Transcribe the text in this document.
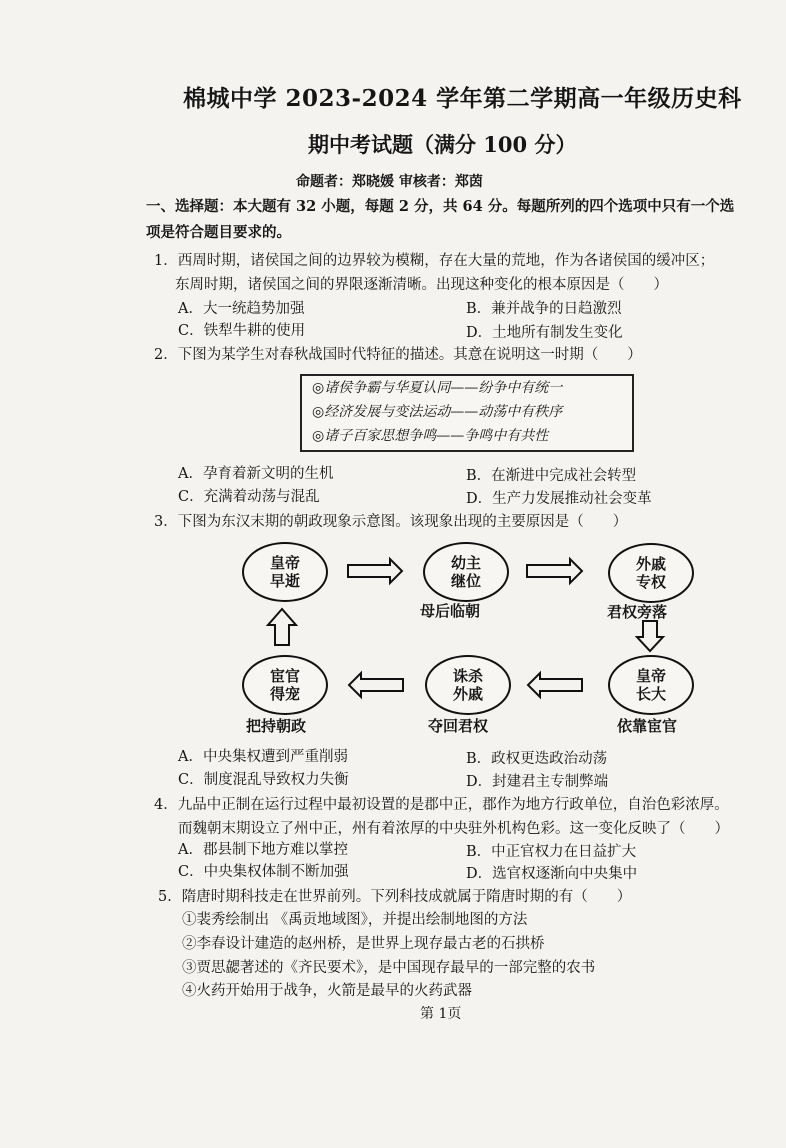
棉城中学 2023-2024 学年第二学期高一年级历史科
期中考试题（满分 100 分）
命题者：郑晓媛 审核者：郑茵
一、选择题：本大题有 32 小题，每题 2 分，共 64 分。每题所列的四个选项中只有一个选
项是符合题目要求的。
1．西周时期，诸侯国之间的边界较为模糊，存在大量的荒地，作为各诸侯国的缓冲区；
东周时期，诸侯国之间的界限逐渐清晰。出现这种变化的根本原因是（　　）
A．大一统趋势加强	B．兼并战争的日趋激烈
C．铁犁牛耕的使用	D．土地所有制发生变化
2．下图为某学生对春秋战国时代特征的描述。其意在说明这一时期（　　）
◎诸侯争霸与华夏认同——纷争中有统一
◎经济发展与变法运动——动荡中有秩序
◎诸子百家思想争鸣——争鸣中有共性
A．孕育着新文明的生机	B．在渐进中完成社会转型
C．充满着动荡与混乱	D．生产力发展推动社会变革
3．下图为东汉末期的朝政现象示意图。该现象出现的主要原因是（　　）
皇帝
早逝
幼主
继位
母后临朝
外戚
专权
君权旁落
皇帝
长大
依靠宦官
诛杀
外戚
夺回君权
宦官
得宠
把持朝政
A．中央集权遭到严重削弱	B．政权更迭政治动荡
C．制度混乱导致权力失衡	D．封建君主专制弊端
4．九品中正制在运行过程中最初设置的是郡中正，郡作为地方行政单位，自治色彩浓厚。
而魏朝末期设立了州中正，州有着浓厚的中央驻外机构色彩。这一变化反映了（　　）
A．郡县制下地方难以掌控	B．中正官权力在日益扩大
C．中央集权体制不断加强	D．选官权逐渐向中央集中
5．隋唐时期科技走在世界前列。下列科技成就属于隋唐时期的有（　　）
①裴秀绘制出 《禹贡地域图》，并提出绘制地图的方法
②李春设计建造的赵州桥，是世界上现存最古老的石拱桥
③贾思勰著述的《齐民要术》，是中国现存最早的一部完整的农书
④火药开始用于战争，火箭是最早的火药武器
第 1页
